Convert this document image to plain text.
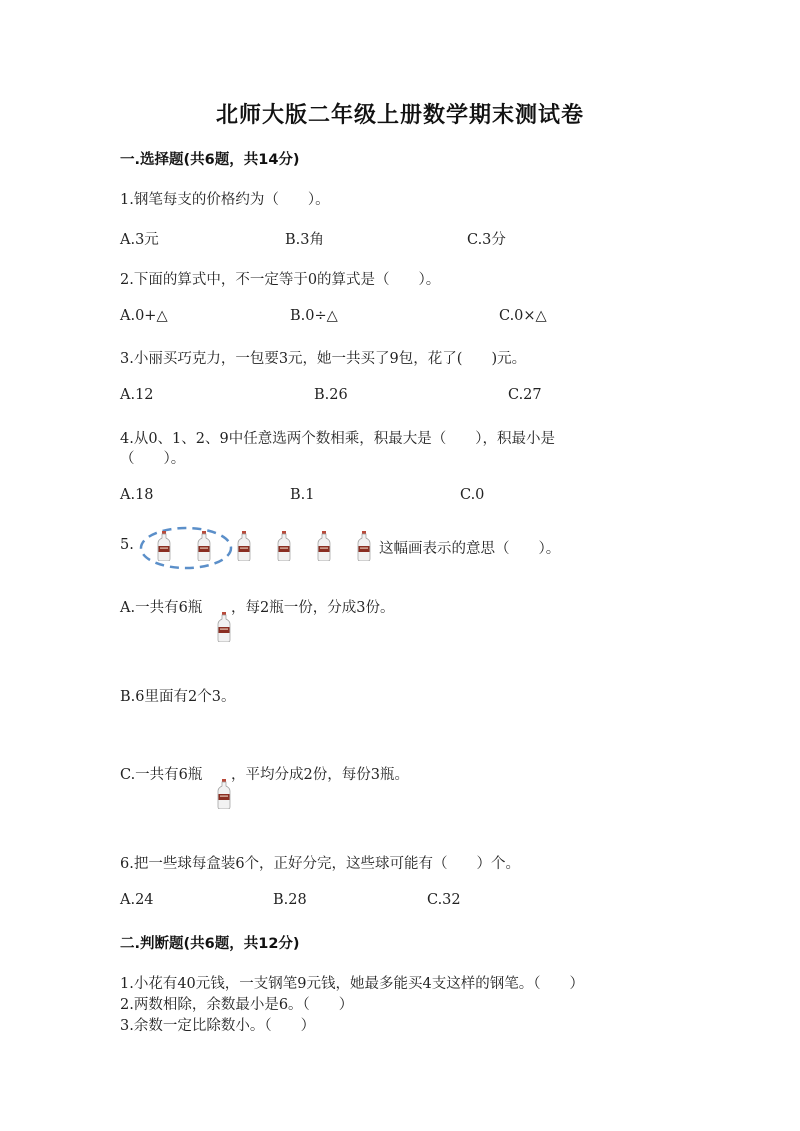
北师大版二年级上册数学期末测试卷
一.选择题(共6题，共14分)
1.钢笔每支的价格约为（　　）。
A.3元	B.3角	C.3分
2.下面的算式中，不一定等于0的算式是（　　）。
A.0+△	B.0÷△	C.0×△
3.小丽买巧克力，一包要3元，她一共买了9包，花了(　　)元。
A.12	B.26	C.27
4.从0、1、2、9中任意选两个数相乘，积最大是（　　），积最小是
（　　）。
A.18	B.1	C.0
5.	这幅画表示的意思（　　）。
A.一共有6瓶 ，每2瓶一份，分成3份。
B.6里面有2个3。
C.一共有6瓶 ，平均分成2份，每份3瓶。
6.把一些球每盒装6个，正好分完，这些球可能有（　　）个。
A.24	B.28	C.32
二.判断题(共6题，共12分)
1.小花有40元钱，一支钢笔9元钱，她最多能买4支这样的钢笔。（　　）
2.两数相除，余数最小是6。（　　）
3.余数一定比除数小。（　　）
